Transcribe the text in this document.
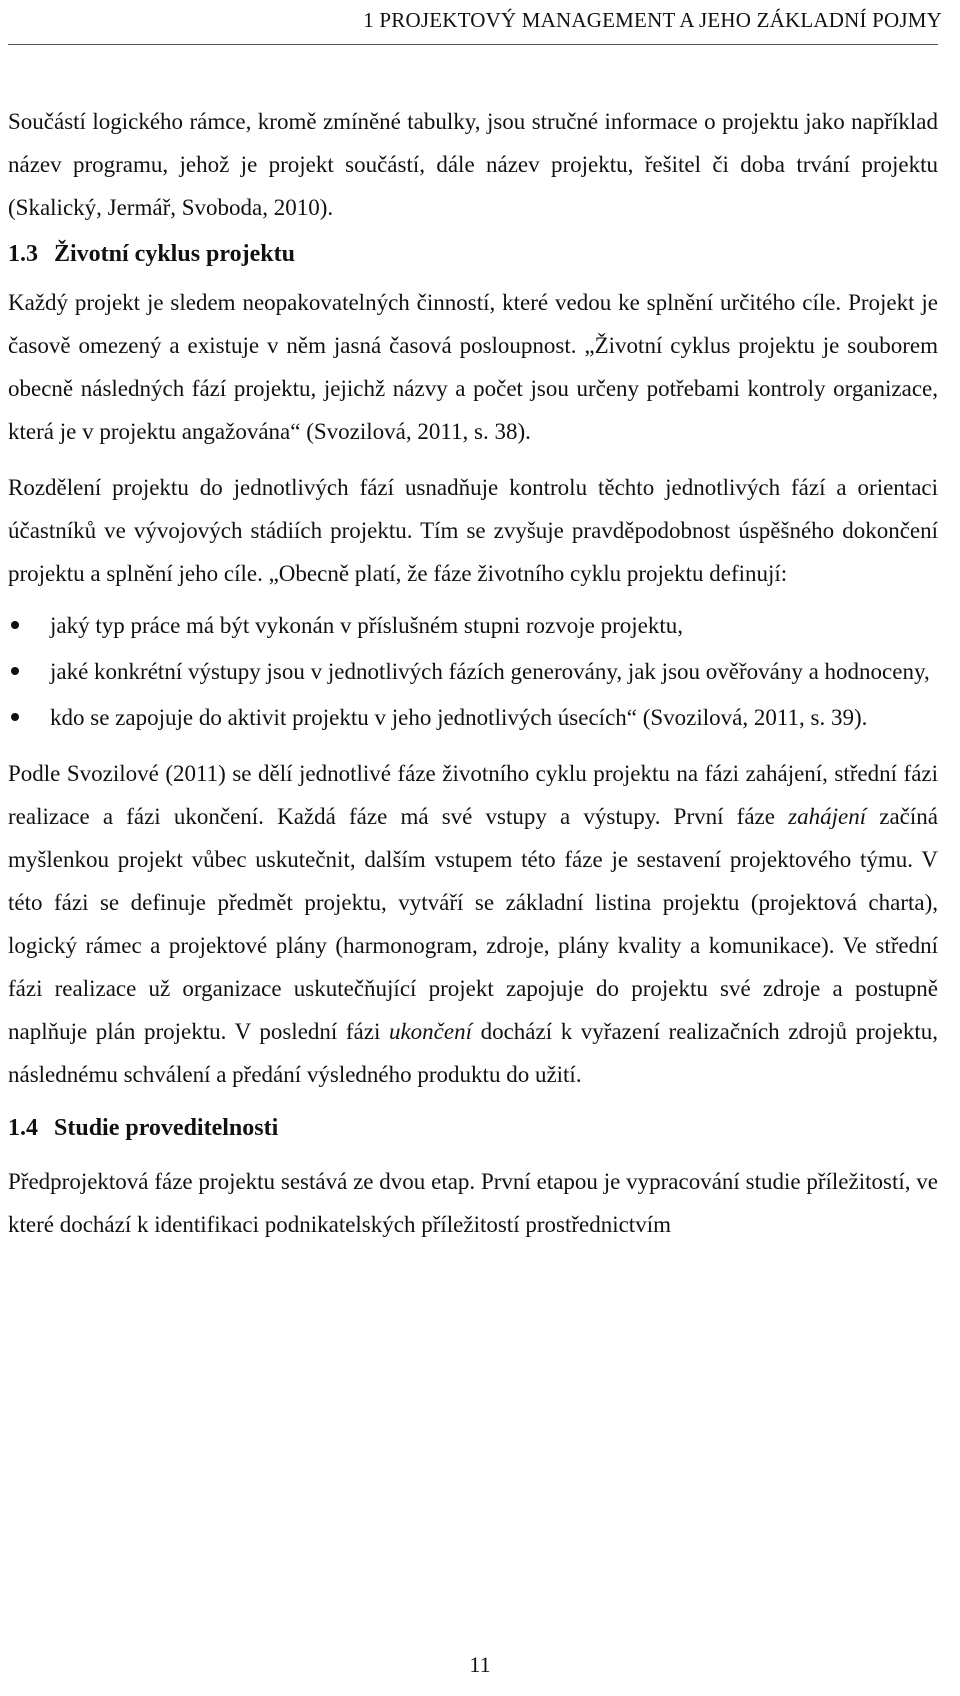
1 PROJEKTOVÝ MANAGEMENT A JEHO ZÁKLADNÍ POJMY

Součástí logického rámce, kromě zmíněné tabulky, jsou stručné informace o projektu jako například název programu, jehož je projekt součástí, dále název projektu, řešitel či doba trvání projektu (Skalický, Jermář, Svoboda, 2010).

1.3 Životní cyklus projektu

Každý projekt je sledem neopakovatelných činností, které vedou ke splnění určitého cíle. Projekt je časově omezený a existuje v něm jasná časová posloupnost. „Životní cyklus projektu je souborem obecně následných fází projektu, jejichž názvy a počet jsou určeny potřebami kontroly organizace, která je v projektu angažována“ (Svozilová, 2011, s. 38).

Rozdělení projektu do jednotlivých fází usnadňuje kontrolu těchto jednotlivých fází a orientaci účastníků ve vývojových stádiích projektu. Tím se zvyšuje pravděpodobnost úspěšného dokončení projektu a splnění jeho cíle. „Obecně platí, že fáze životního cyklu projektu definují:

jaký typ práce má být vykonán v příslušném stupni rozvoje projektu,
jaké konkrétní výstupy jsou v jednotlivých fázích generovány, jak jsou ověřovány a hodnoceny,
kdo se zapojuje do aktivit projektu v jeho jednotlivých úsecích“ (Svozilová, 2011, s. 39).

Podle Svozilové (2011) se dělí jednotlivé fáze životního cyklu projektu na fázi zahájení, střední fázi realizace a fázi ukončení. Každá fáze má své vstupy a výstupy. První fáze zahájení začíná myšlenkou projekt vůbec uskutečnit, dalším vstupem této fáze je sestavení projektového týmu. V této fázi se definuje předmět projektu, vytváří se základní listina projektu (projektová charta), logický rámec a projektové plány (harmonogram, zdroje, plány kvality a komunikace). Ve střední fázi realizace už organizace uskutečňující projekt zapojuje do projektu své zdroje a postupně naplňuje plán projektu. V poslední fázi ukončení dochází k vyřazení realizačních zdrojů projektu, následnému schválení a předání výsledného produktu do užití.

1.4 Studie proveditelnosti

Předprojektová fáze projektu sestává ze dvou etap. První etapou je vypracování studie příležitostí, ve které dochází k identifikaci podnikatelských příležitostí prostřednictvím

11
